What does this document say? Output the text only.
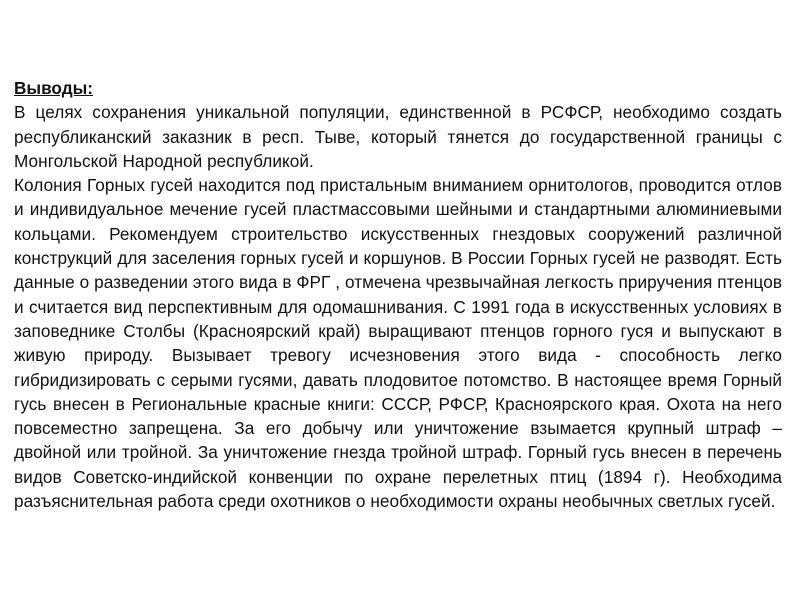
Выводы:

В целях сохранения уникальной популяции, единственной в РСФСР, необходимо создать республиканский заказник в респ. Тыве, который тянется до государственной границы с Монгольской Народной республикой.

Колония Горных гусей находится под пристальным вниманием орнитологов, проводится отлов и индивидуальное мечение гусей пластмассовыми шейными и стандартными алюминиевыми кольцами. Рекомендуем строительство искусственных гнездовых сооружений различной конструкций для заселения горных гусей и коршунов. В России Горных гусей не разводят. Есть данные о разведении этого вида в ФРГ , отмечена чрезвычайная легкость приручения птенцов и считается вид перспективным для одомашнивания. С 1991 года в искусственных условиях в заповеднике Столбы (Красноярский край) выращивают птенцов горного гуся и выпускают в живую природу. Вызывает тревогу исчезновения этого вида - способность легко гибридизировать с серыми гусями, давать плодовитое потомство. В настоящее время Горный гусь внесен в Региональные красные книги: СССР, РФСР, Красноярского края. Охота на него повсеместно запрещена. За его добычу или уничтожение взымается крупный штраф – двойной или тройной. За уничтожение гнезда тройной штраф. Горный гусь внесен в перечень видов Советско-индийской конвенции по охране перелетных птиц (1894 г). Необходима разъяснительная работа среди охотников о необходимости охраны необычных светлых гусей.
